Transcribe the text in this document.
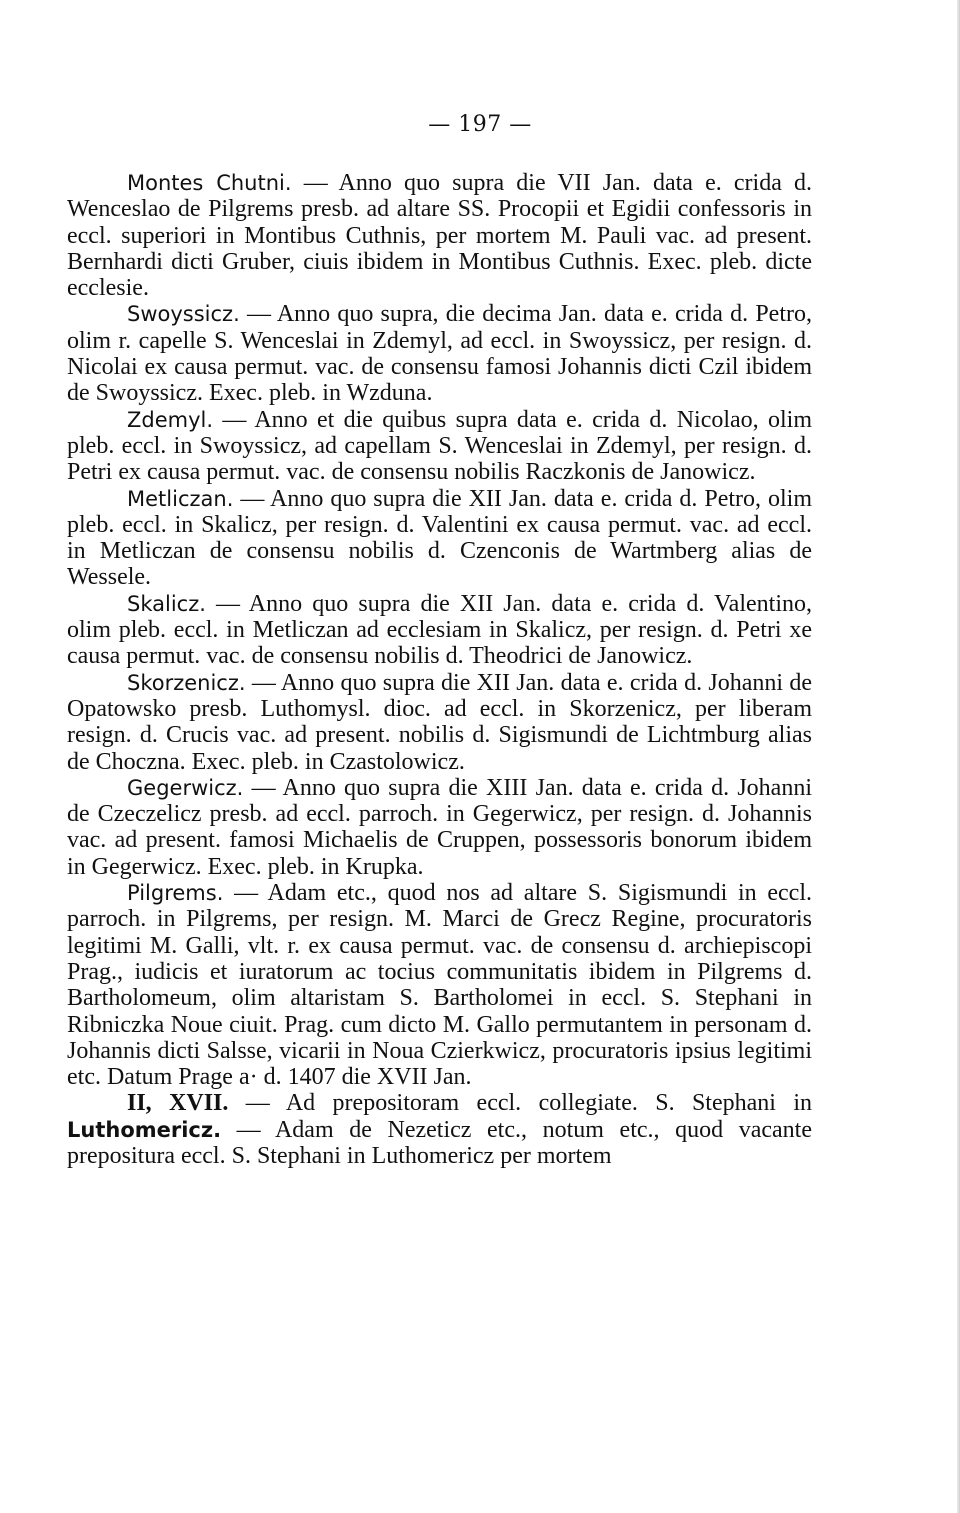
— 197 —

Montes Chutni. — Anno quo supra die VII Jan. data e. crida d. Wenceslao de Pilgrems presb. ad altare SS. Procopii et Egidii confessoris in eccl. superiori in Montibus Cuthnis, per mortem M. Pauli vac. ad present. Bernhardi dicti Gruber, ciuis ibidem in Montibus Cuthnis. Exec. pleb. dicte ecclesie.

Swoyssicz. — Anno quo supra, die decima Jan. data e. crida d. Petro, olim r. capelle S. Wenceslai in Zdemyl, ad eccl. in Swoyssicz, per resign. d. Nicolai ex causa permut. vac. de consensu famosi Johannis dicti Czil ibidem de Swoyssicz. Exec. pleb. in Wzduna.

Zdemyl. — Anno et die quibus supra data e. crida d. Nicolao, olim pleb. eccl. in Swoyssicz, ad capellam S. Wenceslai in Zdemyl, per resign. d. Petri ex causa permut. vac. de consensu nobilis Raczkonis de Janowicz.

Metliczan. — Anno quo supra die XII Jan. data e. crida d. Petro, olim pleb. eccl. in Skalicz, per resign. d. Valentini ex causa permut. vac. ad eccl. in Metliczan de consensu nobilis d. Czenconis de Wartmberg alias de Wessele.

Skalicz. — Anno quo supra die XII Jan. data e. crida d. Valentino, olim pleb. eccl. in Metliczan ad ecclesiam in Skalicz, per resign. d. Petri xe causa permut. vac. de consensu nobilis d. Theodrici de Janowicz.

Skorzenicz. — Anno quo supra die XII Jan. data e. crida d. Johanni de Opatowsko presb. Luthomysl. dioc. ad eccl. in Skorzenicz, per liberam resign. d. Crucis vac. ad present. nobilis d. Sigismundi de Lichtmburg alias de Choczna. Exec. pleb. in Czastolowicz.

Gegerwicz. — Anno quo supra die XIII Jan. data e. crida d. Johanni de Czeczelicz presb. ad eccl. parroch. in Gegerwicz, per resign. d. Johannis vac. ad present. famosi Michaelis de Cruppen, possessoris bonorum ibidem in Gegerwicz. Exec. pleb. in Krupka.

Pilgrems. — Adam etc., quod nos ad altare S. Sigismundi in eccl. parroch. in Pilgrems, per resign. M. Marci de Grecz Regine, procuratoris legitimi M. Galli, vlt. r. ex causa permut. vac. de consensu d. archiepiscopi Prag., iudicis et iuratorum ac tocius communitatis ibidem in Pilgrems d. Bartholomeum, olim altaristam S. Bartholomei in eccl. S. Stephani in Ribniczka Noue ciuit. Prag. cum dicto M. Gallo permutantem in personam d. Johannis dicti Salsse, vicarii in Noua Czierkwicz, procuratoris ipsius legitimi etc. Datum Prage a· d. 1407 die XVII Jan.

II, XVII. — Ad prepositoram eccl. collegiate. S. Stephani in Luthomericz. — Adam de Nezeticz etc., notum etc., quod vacante prepositura eccl. S. Stephani in Luthomericz per mortem
